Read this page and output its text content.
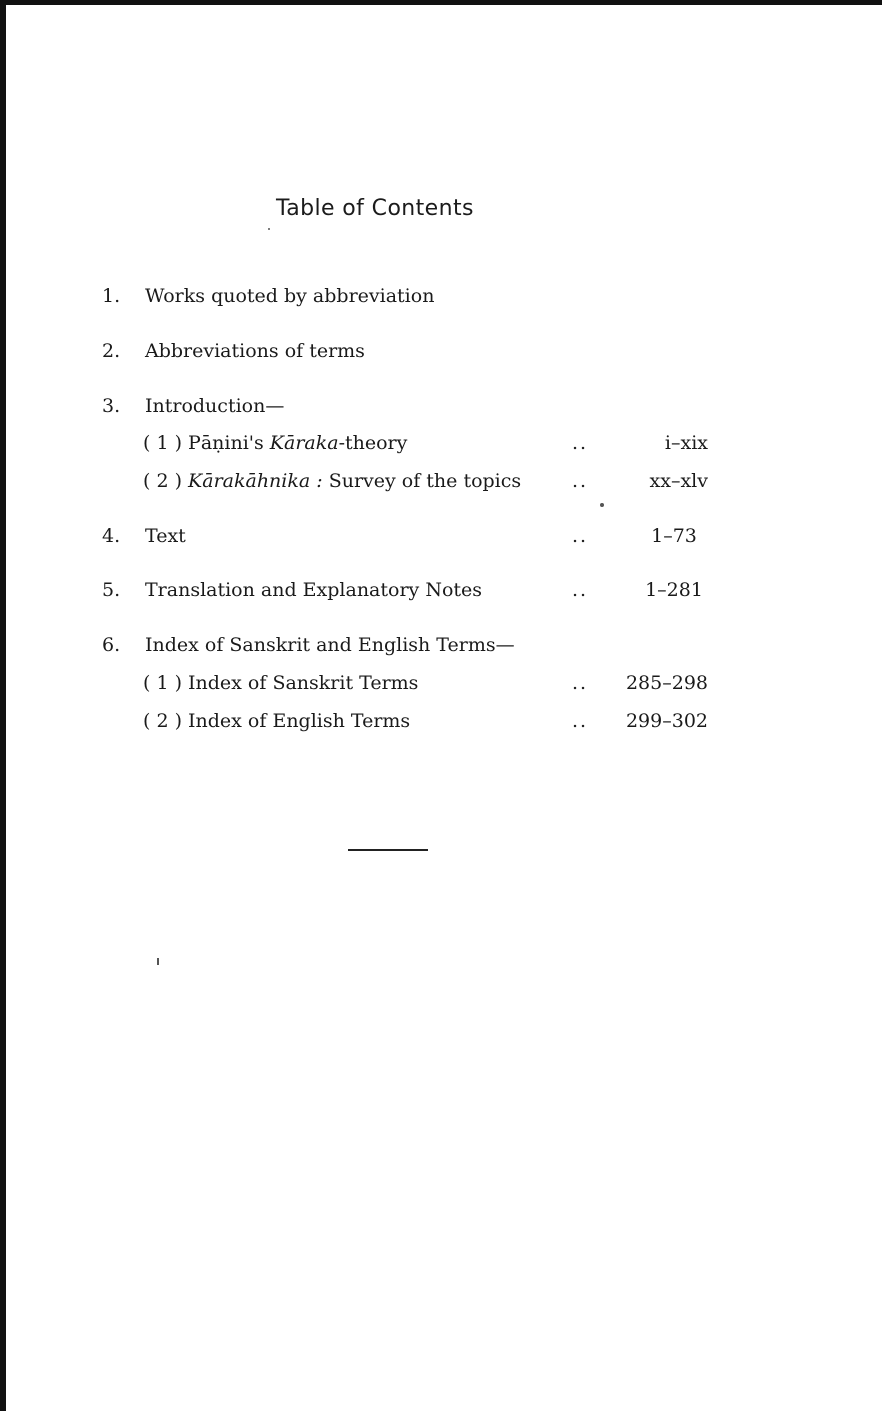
Table of Contents
1. Works quoted by abbreviation
2. Abbreviations of terms
3. Introduction—
( 1 ) Pāṇini's Kāraka-theory	..	i–xix
( 2 ) Kārakāhnika : Survey of the topics	..	xx–xlv
4. Text	..	1–73
5. Translation and Explanatory Notes	..	1–281
6. Index of Sanskrit and English Terms—
( 1 ) Index of Sanskrit Terms	..	285–298
( 2 ) Index of English Terms	..	299–302
